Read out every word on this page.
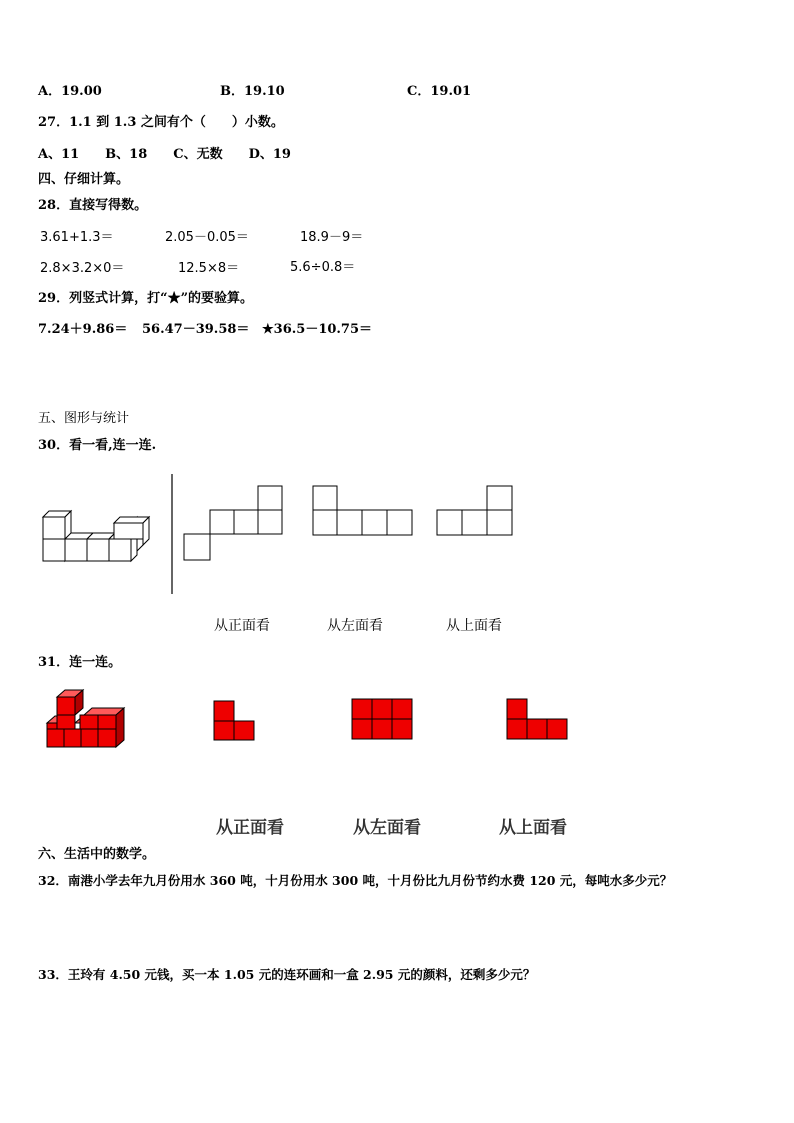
A．19.00	B．19.10	C．19.01
27．1.1 到 1.3 之间有个（　　）小数。
A、11　　B、18　　C、无数　　D、19
四、仔细计算。
28．直接写得数。
3.61+1.3＝	2.05－0.05＝	18.9－9＝
2.8×3.2×0＝	12.5×8＝	5.6÷0.8＝
29．列竖式计算，打“★”的要验算。
7.24＋9.86＝ 56.47－39.58＝ ★36.5－10.75＝
五、图形与统计
30．看一看,连一连.
从正面看	从左面看	从上面看
31．连一连。
从正面看	从左面看	从上面看
六、生活中的数学。
32．南港小学去年九月份用水 360 吨，十月份用水 300 吨，十月份比九月份节约水费 120 元，每吨水多少元？
33．王玲有 4.50 元钱，买一本 1.05 元的连环画和一盒 2.95 元的颜料，还剩多少元？
